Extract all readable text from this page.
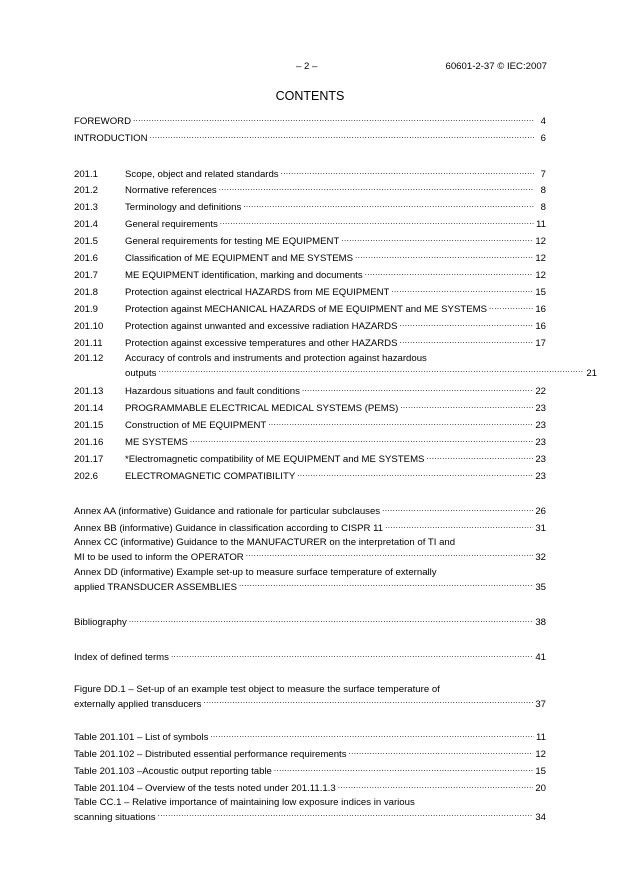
– 2 –	60601-2-37 © IEC:2007
CONTENTS
FOREWORD .....	4
INTRODUCTION .....	6
201.1	Scope, object and related standards .....	7
201.2	Normative references .....	8
201.3	Terminology and definitions .....	8
201.4	General requirements .....	11
201.5	General requirements for testing ME EQUIPMENT .....	12
201.6	Classification of ME EQUIPMENT and ME SYSTEMS .....	12
201.7	ME EQUIPMENT identification, marking and documents .....	12
201.8	Protection against electrical HAZARDS from ME EQUIPMENT .....	15
201.9	Protection against MECHANICAL HAZARDS of ME EQUIPMENT and ME SYSTEMS .....	16
201.10	Protection against unwanted and excessive radiation HAZARDS .....	16
201.11	Protection against excessive temperatures and other HAZARDS .....	17
201.12	Accuracy of controls and instruments and protection against hazardous
outputs .....	21
201.13	Hazardous situations and fault conditions .....	22
201.14	PROGRAMMABLE ELECTRICAL MEDICAL SYSTEMS (PEMS) .....	23
201.15	Construction of ME EQUIPMENT .....	23
201.16	ME SYSTEMS .....	23
201.17	*Electromagnetic compatibility of ME EQUIPMENT and ME SYSTEMS .....	23
202.6	ELECTROMAGNETIC COMPATIBILITY .....	23
Annex AA (informative) Guidance and rationale for particular subclauses .....	26
Annex BB (informative) Guidance in classification according to CISPR 11 .....	31
Annex CC (informative) Guidance to the MANUFACTURER on the interpretation of TI and
MI to be used to inform the OPERATOR .....	32
Annex DD (informative) Example set-up to measure surface temperature of externally
applied TRANSDUCER ASSEMBLIES .....	35
Bibliography .....	38
Index of defined terms .....	41
Figure DD.1 – Set-up of an example test object to measure the surface temperature of
externally applied transducers .....	37
Table 201.101 – List of symbols .....	11
Table 201.102 – Distributed essential performance requirements .....	12
Table 201.103 –Acoustic output reporting table .....	15
Table 201.104 – Overview of the tests noted under 201.11.1.3 .....	20
Table CC.1 – Relative importance of maintaining low exposure indices in various
scanning situations .....	34
